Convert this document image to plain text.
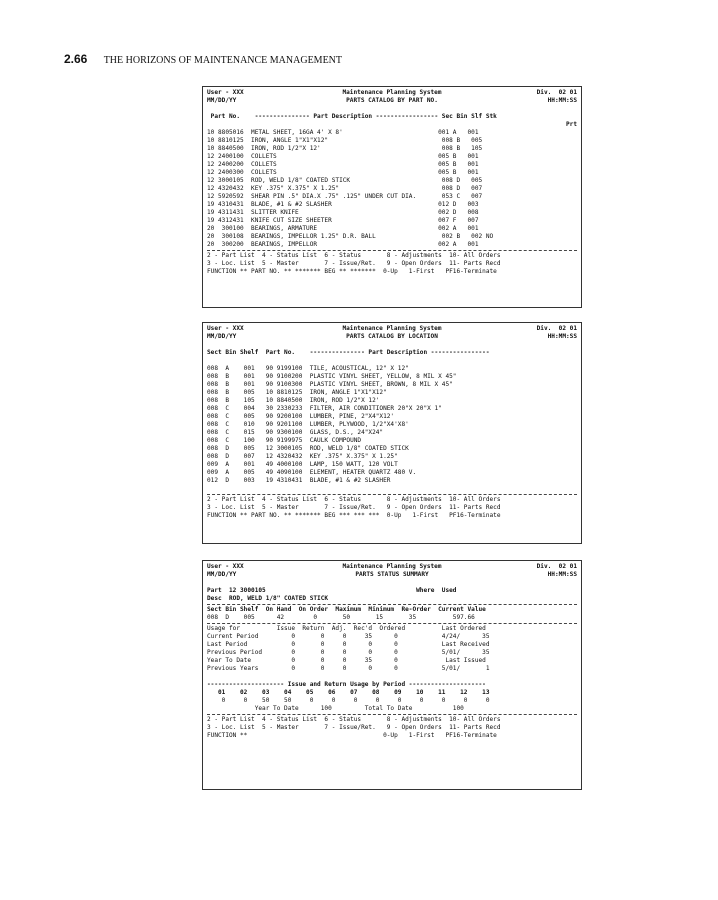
2.66 THE HORIZONS OF MAINTENANCE MANAGEMENT
User - XXX	Maintenance Planning System	Div.  02 01
MM/DD/YY	PARTS CATALOG BY PART NO.	HH:MM:SS
Part No.    --------------- Part Description ----------------- Sec Bin Slf Stk
Prt
10 8805016  METAL SHEET, 16GA 4' X 8'                          001 A   001
10 8810125  IRON, ANGLE 1"X1"X12"                               008 B   005
10 8840500  IRON, ROD 1/2"X 12'                                 008 B   105
12 2400100  COLLETS                                            005 B   001
12 2400200  COLLETS                                            005 B   001
12 2400300  COLLETS                                            005 B   001
12 3000105  ROD, WELD 1/8" COATED STICK                         008 D   005
12 4320432  KEY .375" X.375" X 1.25"                            008 D   007
12 5920592  SHEAR PIN .5" DIA.X .75" .125" UNDER CUT DIA.       053 C   007
19 4310431  BLADE, #1 & #2 SLASHER                             012 D   003
19 4311431  SLITTER KNIFE                                      002 D   008
19 4312431  KNIFE CUT SIZE SHEETER                             007 F   007
20  300100  BEARINGS, ARMATURE                                 002 A   001
20  300108  BEARINGS, IMPELLOR 1.25" D.R. BALL                  002 B   002 NO
20  300200  BEARINGS, IMPELLOR                                 002 A   001
2 - Part List  4 - Status List  6 - Status       8 - Adjustments  10- All Orders
3 - Loc. List  5 - Master       7 - Issue/Ret.   9 - Open Orders  11- Parts Recd
FUNCTION ** PART NO. ** ******* BEG ** *******  0-Up   1-First   PF16-Terminate
User - XXX	Maintenance Planning System	Div.  02 01
MM/DD/YY	PARTS CATALOG BY LOCATION	HH:MM:SS
Sect Bin Shelf  Part No.    --------------- Part Description ----------------
008  A    001   90 9199100  TILE, ACOUSTICAL, 12" X 12"
008  B    001   90 9100200  PLASTIC VINYL SHEET, YELLOW, 8 MIL X 45"
008  B    001   90 9100300  PLASTIC VINYL SHEET, BROWN, 8 MIL X 45"
008  B    005   10 8810125  IRON, ANGLE 1"X1"X12"
008  B    105   10 8840500  IRON, ROD 1/2"X 12'
008  C    004   30 2330233  FILTER, AIR CONDITIONER 20"X 20"X 1"
008  C    005   90 9200100  LUMBER, PINE, 2"X4"X12'
008  C    010   90 9201100  LUMBER, PLYWOOD, 1/2"X4'X8'
008  C    015   90 9300100  GLASS, D.S., 24"X24"
008  C    100   90 9199975  CAULK COMPOUND
008  D    005   12 3000105  ROD, WELD 1/8" COATED STICK
008  D    007   12 4320432  KEY .375" X.375" X 1.25"
009  A    001   49 4000100  LAMP, 150 WATT, 120 VOLT
009  A    005   49 4090100  ELEMENT, HEATER QUARTZ 480 V.
012  D    003   19 4310431  BLADE, #1 & #2 SLASHER
2 - Part List  4 - Status List  6 - Status       8 - Adjustments  10- All Orders
3 - Loc. List  5 - Master       7 - Issue/Ret.   9 - Open Orders  11- Parts Recd
FUNCTION ** PART NO. ** ******* BEG *** *** ***  0-Up   1-First   PF16-Terminate
User - XXX	Maintenance Planning System	Div.  02 01
MM/DD/YY	PARTS STATUS SUMMARY	HH:MM:SS
Part  12 3000105                                         Where  Used
Desc  ROD, WELD 1/8" COATED STICK
Sect Bin Shelf  On Hand  On Order  Maximum  Minimum  Re-Order  Current Value
008  D    005      42        0       50       15       35          597.66
Usage for          Issue  Return  Adj.  Rec'd  Ordered          Last Ordered
Current Period         0       0     0     35      0            4/24/      35
Last Period            0       0     0      0      0            Last Received
Previous Period        0       0     0      0      0            5/01/      35
Year To Date           0       0     0     35      0             Last Issued
Previous Years         0       0     0      0      0            5/01/       1
--------------------- Issue and Return Usage by Period ---------------------
01    02    03    04    05    06    07    08    09    10    11    12    13
0     0    50    50     0     0     0     0     0     0     0     0     0
Year To Date      100         Total To Date           100
2 - Part List  4 - Status List  6 - Status       8 - Adjustments  10- All Orders
3 - Loc. List  5 - Master       7 - Issue/Ret.   9 - Open Orders  11- Parts Recd
FUNCTION **                                     0-Up   1-First   PF16-Terminate
